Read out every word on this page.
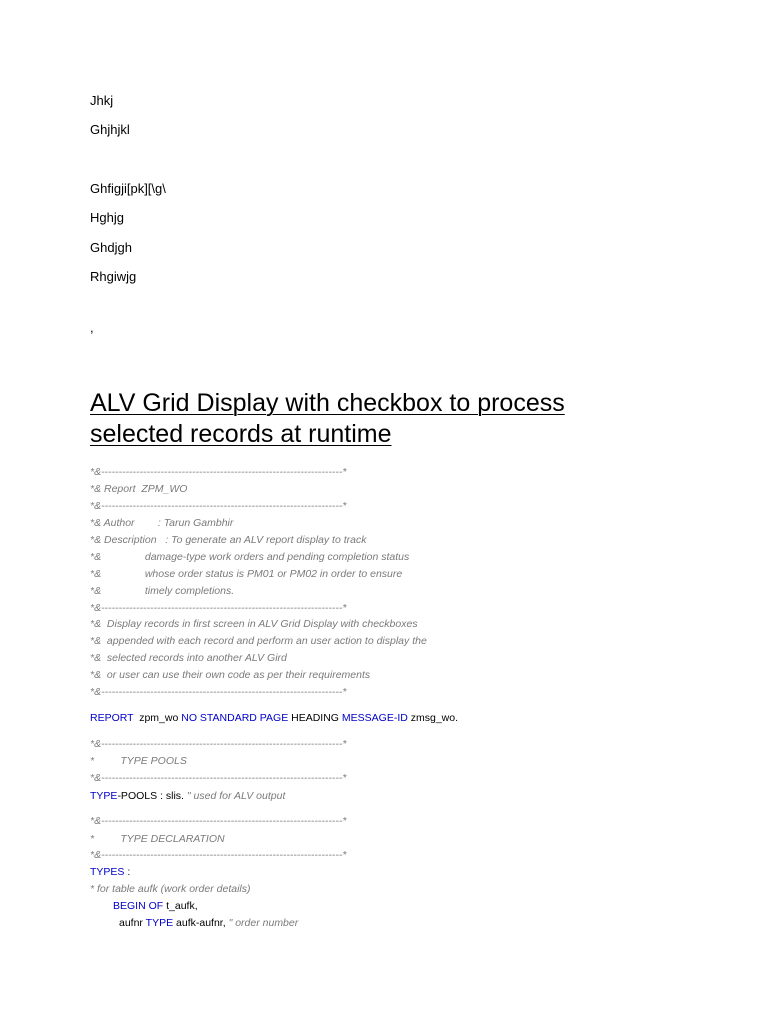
Jhkj
Ghjhjkl
Ghfigji[pk][\g\
Hghjg
Ghdjgh
Rhgiwjg
,
ALV Grid Display with checkbox to process
selected records at runtime
*&---------------------------------------------------------------------*
*& Report  ZPM_WO
*&---------------------------------------------------------------------*
*& Author        : Tarun Gambhir
*& Description   : To generate an ALV report display to track
*&               damage-type work orders and pending completion status
*&               whose order status is PM01 or PM02 in order to ensure
*&               timely completions.
*&---------------------------------------------------------------------*
*&  Display records in first screen in ALV Grid Display with checkboxes
*&  appended with each record and perform an user action to display the
*&  selected records into another ALV Gird
*&  or user can use their own code as per their requirements
*&---------------------------------------------------------------------*
REPORT  zpm_wo NO STANDARD PAGE HEADING MESSAGE-ID zmsg_wo.
*&---------------------------------------------------------------------*
*         TYPE POOLS
*&---------------------------------------------------------------------*
TYPE-POOLS : slis. " used for ALV output
*&---------------------------------------------------------------------*
*         TYPE DECLARATION
*&---------------------------------------------------------------------*
TYPES :
* for table aufk (work order details)
BEGIN OF t_aufk,
aufnr TYPE aufk-aufnr, " order number
